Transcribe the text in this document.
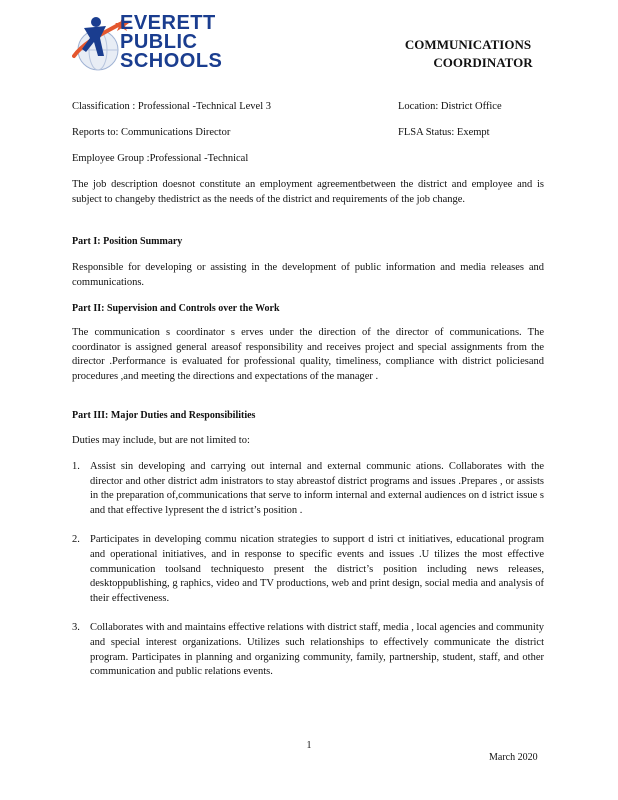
EVERETT
PUBLIC
SCHOOLS
COMMUNICATIONS
COORDINATOR
Classification : Professional -Technical Level 3	Location: District Office
Reports to: Communications Director	FLSA Status: Exempt
Employee Group :Professional -Technical
The job description doesnot constitute an employment agreementbetween the district and employee and is subject to changeby thedistrict as the needs of the district and requirements of the job change.
Part I: Position Summary
Responsible for developing or assisting in the development of public information and media releases and communications.
Part II: Supervision and Controls over the Work
The communication s coordinator s erves under the direction of the director of communications. The coordinator is assigned general areasof responsibility and receives project and special assignments from the director .Performance is evaluated for professional quality, timeliness, compliance with district policiesand procedures ,and meeting the directions and expectations of the manager .
Part III: Major Duties and Responsibilities
Duties may include, but are not limited to:
1. Assist sin developing and carrying out internal and external communic ations. Collaborates with the director and other district adm inistrators to stay abreastof district programs and issues .Prepares , or assists in the preparation of,communications that serve to inform internal and external audiences on d istrict issue s and that effective lypresent the d istrict’s position .
2. Participates in developing commu nication strategies to support d istri ct initiatives, educational program and operational initiatives, and in response to specific events and issues .U tilizes the most effective communication toolsand techniquesto present the district’s position including news releases, desktoppublishing, g raphics, video and TV productions, web and print design, social media and analysis of their effectiveness.
3. Collaborates with and maintains effective relations with district staff, media , local agencies and community and special interest organizations. Utilizes such relationships to effectively communicate the district program. Participates in planning and organizing community, family, partnership, student, staff, and other communication and public relations events.
1
March 2020
